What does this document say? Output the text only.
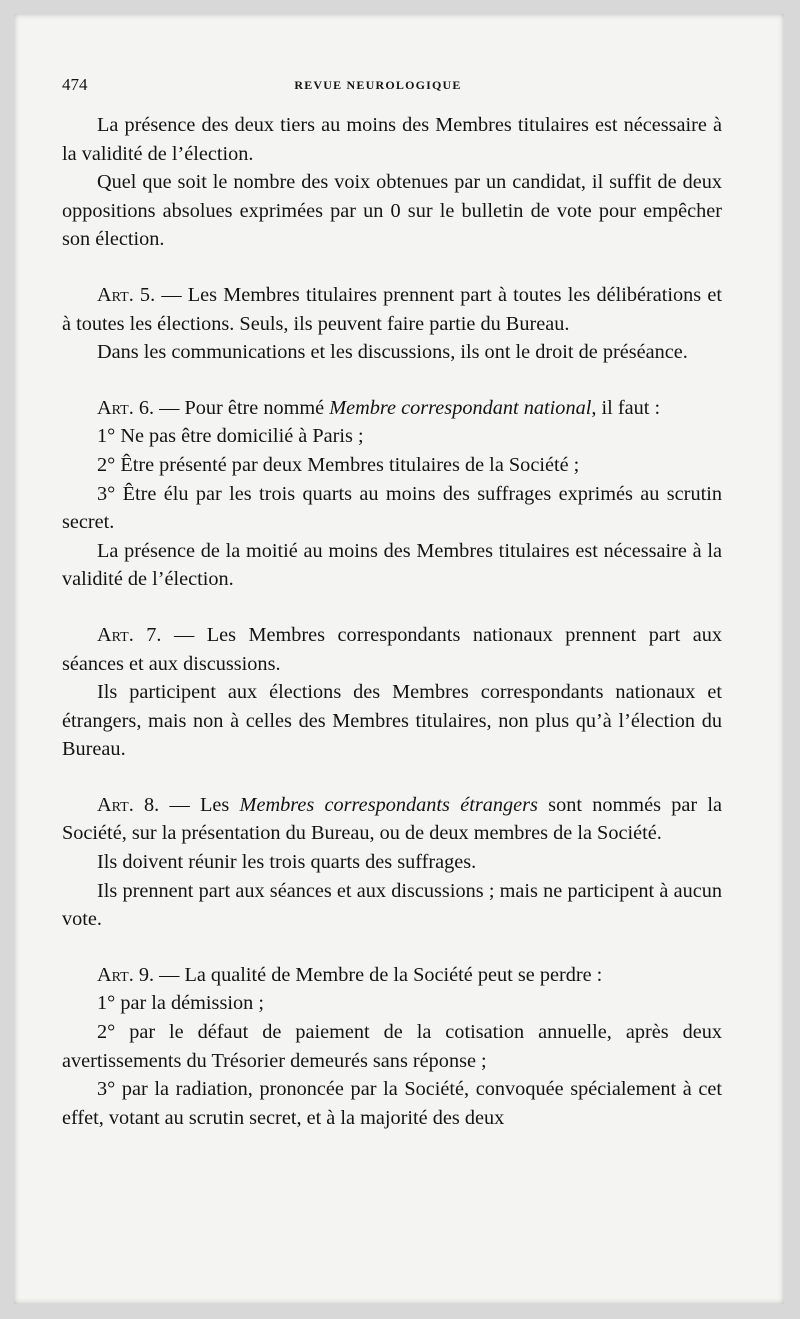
474	REVUE NEUROLOGIQUE

La présence des deux tiers au moins des Membres titulaires est nécessaire à la validité de l’élection.

Quel que soit le nombre des voix obtenues par un candidat, il suffit de deux oppositions absolues exprimées par un 0 sur le bulletin de vote pour empêcher son élection.

Art. 5. — Les Membres titulaires prennent part à toutes les délibérations et à toutes les élections. Seuls, ils peuvent faire partie du Bureau.

Dans les communications et les discussions, ils ont le droit de préséance.

Art. 6. — Pour être nommé Membre correspondant national, il faut :

1° Ne pas être domicilié à Paris ;

2° Être présenté par deux Membres titulaires de la Société ;

3° Être élu par les trois quarts au moins des suffrages exprimés au scrutin secret.

La présence de la moitié au moins des Membres titulaires est nécessaire à la validité de l’élection.

Art. 7. — Les Membres correspondants nationaux prennent part aux séances et aux discussions.

Ils participent aux élections des Membres correspondants nationaux et étrangers, mais non à celles des Membres titulaires, non plus qu’à l’élection du Bureau.

Art. 8. — Les Membres correspondants étrangers sont nommés par la Société, sur la présentation du Bureau, ou de deux membres de la Société.

Ils doivent réunir les trois quarts des suffrages.

Ils prennent part aux séances et aux discussions ; mais ne participent à aucun vote.

Art. 9. — La qualité de Membre de la Société peut se perdre :

1° par la démission ;

2° par le défaut de paiement de la cotisation annuelle, après deux avertissements du Trésorier demeurés sans réponse ;

3° par la radiation, prononcée par la Société, convoquée spécialement à cet effet, votant au scrutin secret, et à la majorité des deux
